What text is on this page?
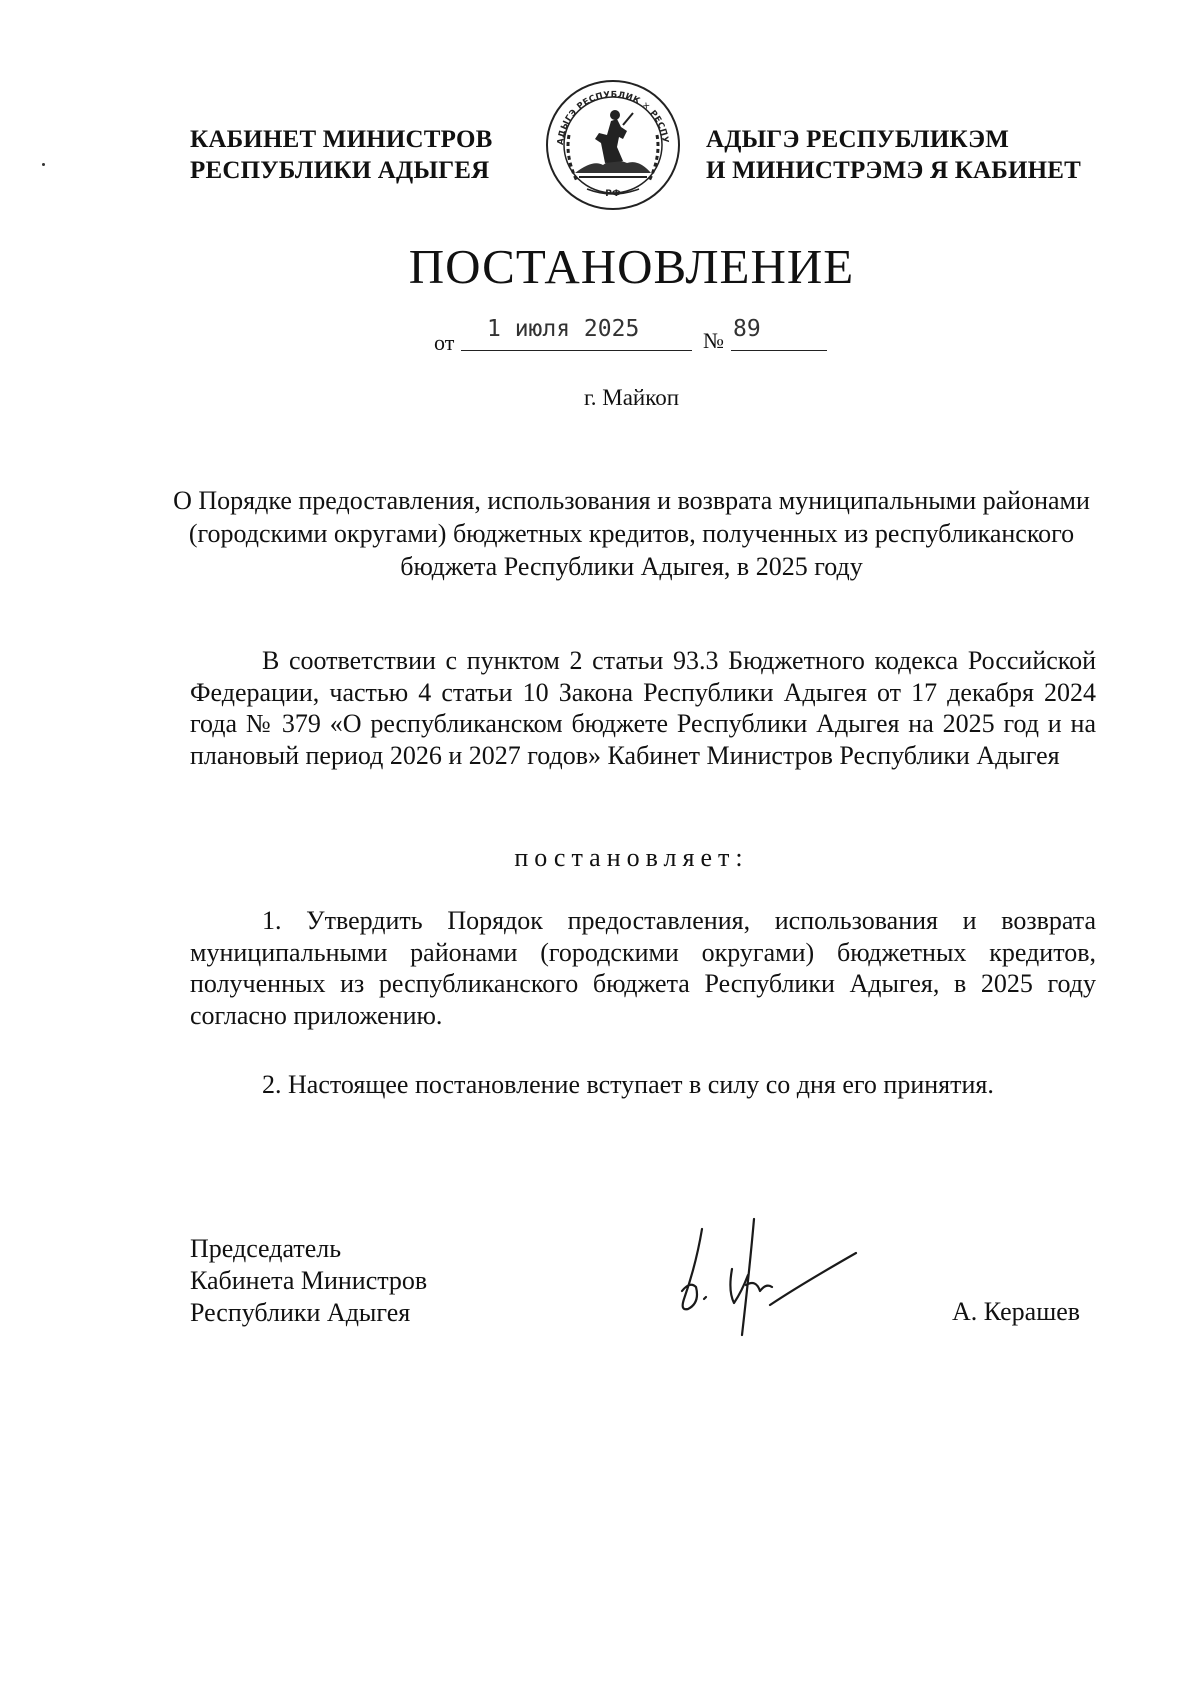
КАБИНЕТ МИНИСТРОВ
РЕСПУБЛИКИ АДЫГЕЯ
АДЫГЭ РЕСПУБЛИК ✕ РЕСПУ
РФ
АДЫГЭ РЕСПУБЛИКЭМ
И МИНИСТРЭМЭ Я КАБИНЕТ
ПОСТАНОВЛЕНИЕ
от
1 июля 2025	№ 89
г. Майкоп
О Порядке предоставления, использования и возврата муниципальными районами (городскими округами) бюджетных кредитов, полученных из республиканского бюджета Республики Адыгея, в 2025 году
В соответствии с пунктом 2 статьи 93.3 Бюджетного кодекса Российской Федерации, частью 4 статьи 10 Закона Республики Адыгея от 17 декабря 2024 года № 379 «О республиканском бюджете Республики Адыгея на 2025 год и на плановый период 2026 и 2027 годов» Кабинет Министров Республики Адыгея
постановляет:
1. Утвердить Порядок предоставления, использования и возврата муниципальными районами (городскими округами) бюджетных кредитов, полученных из республиканского бюджета Республики Адыгея, в 2025 году согласно приложению.
2. Настоящее постановление вступает в силу со дня его принятия.
Председатель
Кабинета Министров
Республики Адыгея	А. Керашев
